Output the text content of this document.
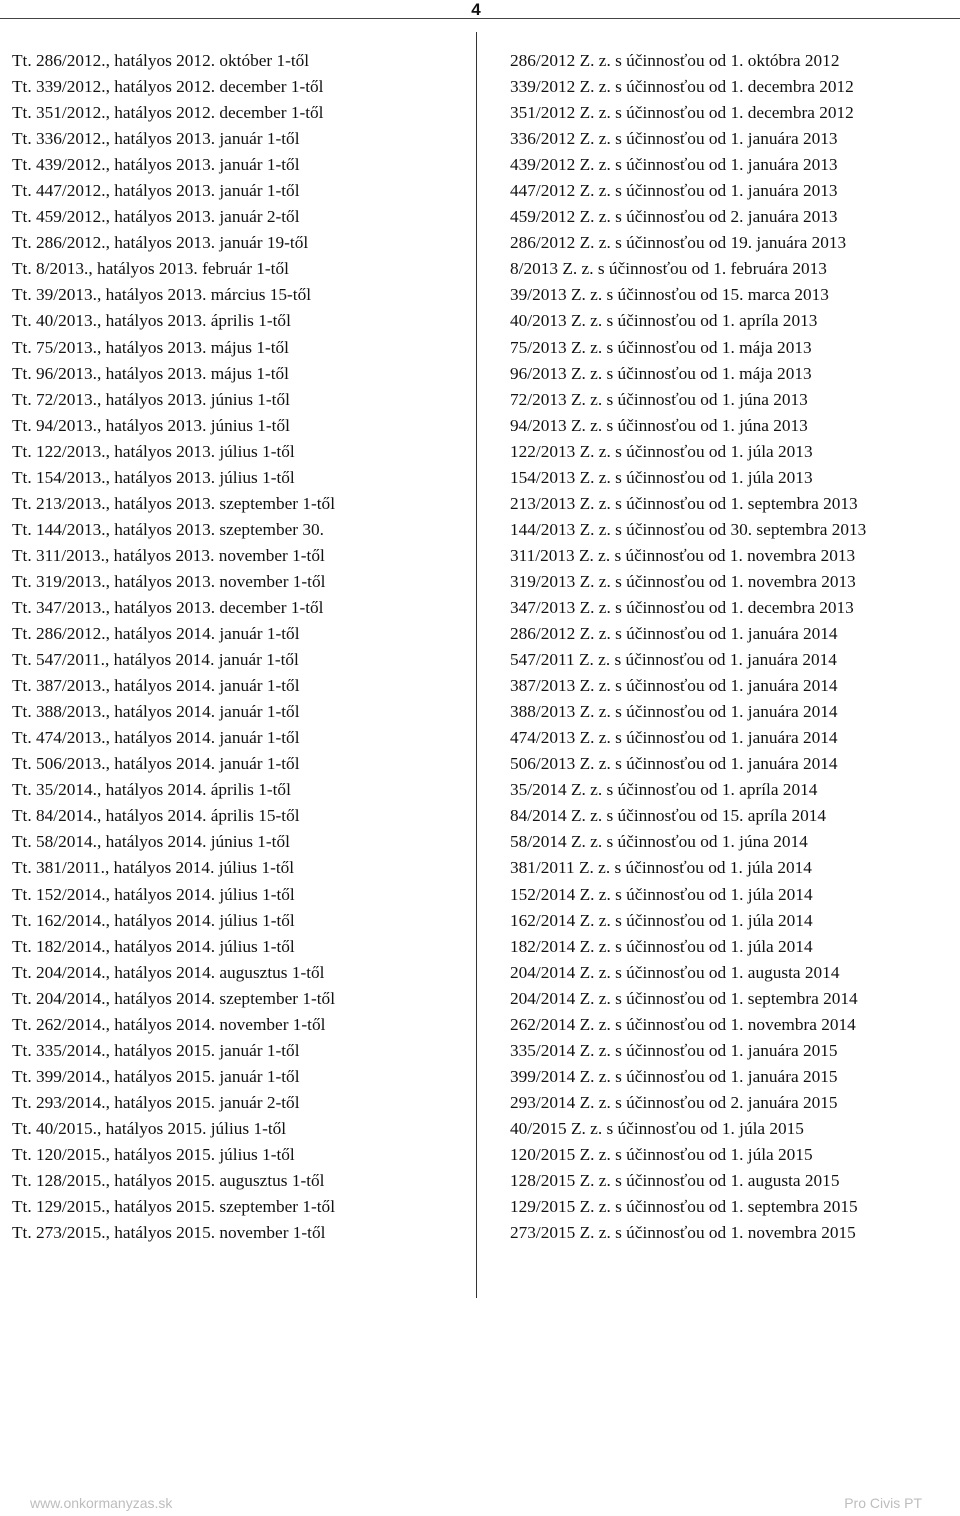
4
Tt. 286/2012., hatályos 2012. október 1-től
Tt. 339/2012., hatályos 2012. december 1-től
Tt. 351/2012., hatályos 2012. december 1-től
Tt. 336/2012., hatályos 2013. január 1-től
Tt. 439/2012., hatályos 2013. január 1-től
Tt. 447/2012., hatályos 2013. január 1-től
Tt. 459/2012., hatályos 2013. január 2-től
Tt. 286/2012., hatályos 2013. január 19-től
Tt. 8/2013., hatályos 2013. február 1-től
Tt. 39/2013., hatályos 2013. március 15-től
Tt. 40/2013., hatályos 2013. április 1-től
Tt. 75/2013., hatályos 2013. május 1-től
Tt. 96/2013., hatályos 2013. május 1-től
Tt. 72/2013., hatályos 2013. június 1-től
Tt. 94/2013., hatályos 2013. június 1-től
Tt. 122/2013., hatályos 2013. július 1-től
Tt. 154/2013., hatályos 2013. július 1-től
Tt. 213/2013., hatályos 2013. szeptember 1-től
Tt. 144/2013., hatályos 2013. szeptember 30.
Tt. 311/2013., hatályos 2013. november 1-től
Tt. 319/2013., hatályos 2013. november 1-től
Tt. 347/2013., hatályos 2013. december 1-től
Tt. 286/2012., hatályos 2014. január 1-től
Tt. 547/2011., hatályos 2014. január 1-től
Tt. 387/2013., hatályos 2014. január 1-től
Tt. 388/2013., hatályos 2014. január 1-től
Tt. 474/2013., hatályos 2014. január 1-től
Tt. 506/2013., hatályos 2014. január 1-től
Tt. 35/2014., hatályos 2014. április 1-től
Tt. 84/2014., hatályos 2014. április 15-től
Tt. 58/2014., hatályos 2014. június 1-től
Tt. 381/2011., hatályos 2014. július 1-től
Tt. 152/2014., hatályos 2014. július 1-től
Tt. 162/2014., hatályos 2014. július 1-től
Tt. 182/2014., hatályos 2014. július 1-től
Tt. 204/2014., hatályos 2014. augusztus 1-től
Tt. 204/2014., hatályos 2014. szeptember 1-től
Tt. 262/2014., hatályos 2014. november 1-től
Tt. 335/2014., hatályos 2015. január 1-től
Tt. 399/2014., hatályos 2015. január 1-től
Tt. 293/2014., hatályos 2015. január 2-től
Tt. 40/2015., hatályos 2015. július 1-től
Tt. 120/2015., hatályos 2015. július 1-től
Tt. 128/2015., hatályos 2015. augusztus 1-től
Tt. 129/2015., hatályos 2015. szeptember 1-től
Tt. 273/2015., hatályos 2015. november 1-től
286/2012 Z. z. s účinnosťou od 1. októbra 2012
339/2012 Z. z. s účinnosťou od 1. decembra 2012
351/2012 Z. z. s účinnosťou od 1. decembra 2012
336/2012 Z. z. s účinnosťou od 1. januára 2013
439/2012 Z. z. s účinnosťou od 1. januára 2013
447/2012 Z. z. s účinnosťou od 1. januára 2013
459/2012 Z. z. s účinnosťou od 2. januára 2013
286/2012 Z. z. s účinnosťou od 19. januára 2013
8/2013 Z. z. s účinnosťou od 1. februára 2013
39/2013 Z. z. s účinnosťou od 15. marca 2013
40/2013 Z. z. s účinnosťou od 1. apríla 2013
75/2013 Z. z. s účinnosťou od 1. mája 2013
96/2013 Z. z. s účinnosťou od 1. mája 2013
72/2013 Z. z. s účinnosťou od 1. júna 2013
94/2013 Z. z. s účinnosťou od 1. júna 2013
122/2013 Z. z. s účinnosťou od 1. júla 2013
154/2013 Z. z. s účinnosťou od 1. júla 2013
213/2013 Z. z. s účinnosťou od 1. septembra 2013
144/2013 Z. z. s účinnosťou od 30. septembra 2013
311/2013 Z. z. s účinnosťou od 1. novembra 2013
319/2013 Z. z. s účinnosťou od 1. novembra 2013
347/2013 Z. z. s účinnosťou od 1. decembra 2013
286/2012 Z. z. s účinnosťou od 1. januára 2014
547/2011 Z. z. s účinnosťou od 1. januára 2014
387/2013 Z. z. s účinnosťou od 1. januára 2014
388/2013 Z. z. s účinnosťou od 1. januára 2014
474/2013 Z. z. s účinnosťou od 1. januára 2014
506/2013 Z. z. s účinnosťou od 1. januára 2014
35/2014 Z. z. s účinnosťou od 1. apríla 2014
84/2014 Z. z. s účinnosťou od 15. apríla 2014
58/2014 Z. z. s účinnosťou od 1. júna 2014
381/2011 Z. z. s účinnosťou od 1. júla 2014
152/2014 Z. z. s účinnosťou od 1. júla 2014
162/2014 Z. z. s účinnosťou od 1. júla 2014
182/2014 Z. z. s účinnosťou od 1. júla 2014
204/2014 Z. z. s účinnosťou od 1. augusta 2014
204/2014 Z. z. s účinnosťou od 1. septembra 2014
262/2014 Z. z. s účinnosťou od 1. novembra 2014
335/2014 Z. z. s účinnosťou od 1. januára 2015
399/2014 Z. z. s účinnosťou od 1. januára 2015
293/2014 Z. z. s účinnosťou od 2. januára 2015
40/2015 Z. z. s účinnosťou od 1. júla 2015
120/2015 Z. z. s účinnosťou od 1. júla 2015
128/2015 Z. z. s účinnosťou od 1. augusta 2015
129/2015 Z. z. s účinnosťou od 1. septembra 2015
273/2015 Z. z. s účinnosťou od 1. novembra 2015
www.onkormanyzas.sk	Pro Civis PT
